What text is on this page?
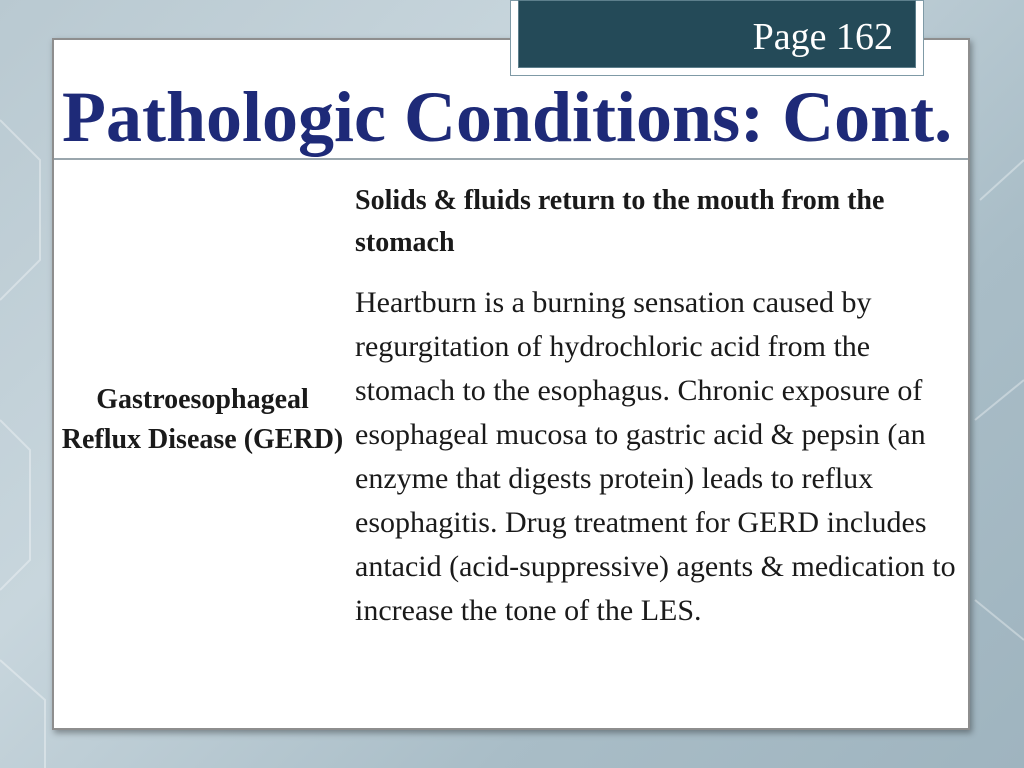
Page 162
Pathologic Conditions: Cont.
Gastroesophageal Reflux Disease (GERD)

Solids & fluids return to the mouth from the stomach

Heartburn is a burning sensation caused by regurgitation of hydrochloric acid from the stomach to the esophagus. Chronic exposure of esophageal mucosa to gastric acid & pepsin (an enzyme that digests protein) leads to reflux esophagitis. Drug treatment for GERD includes antacid (acid-suppressive) agents & medication to increase the tone of the LES.
